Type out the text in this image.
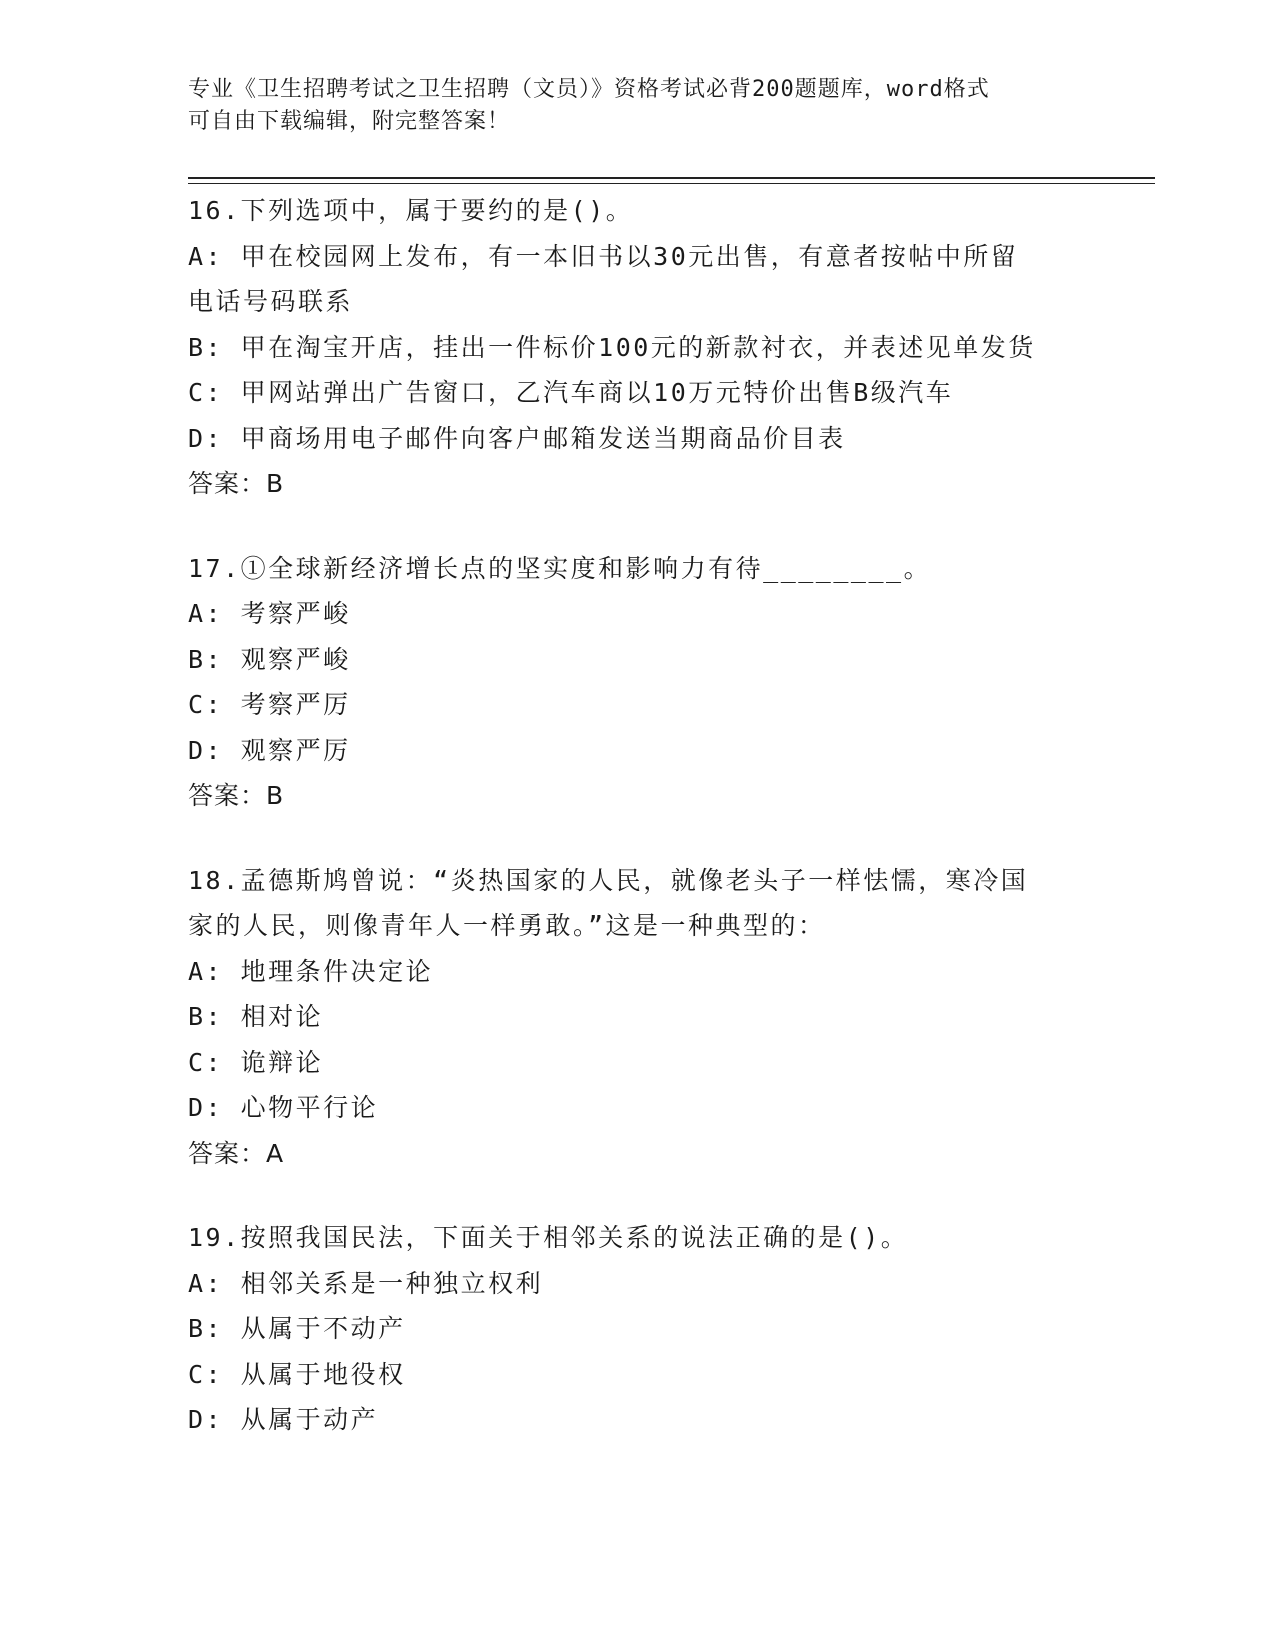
专业《卫生招聘考试之卫生招聘（文员）》资格考试必背200题题库，word格式
可自由下载编辑，附完整答案！
16.下列选项中，属于要约的是()。
A: 甲在校园网上发布，有一本旧书以30元出售，有意者按帖中所留
电话号码联系
B: 甲在淘宝开店，挂出一件标价100元的新款衬衣，并表述见单发货
C: 甲网站弹出广告窗口，乙汽车商以10万元特价出售B级汽车
D: 甲商场用电子邮件向客户邮箱发送当期商品价目表
答案：B
17.①全球新经济增长点的坚实度和影响力有待________。
A: 考察严峻
B: 观察严峻
C: 考察严厉
D: 观察严厉
答案：B
18.孟德斯鸠曾说：“炎热国家的人民，就像老头子一样怯懦，寒冷国
家的人民，则像青年人一样勇敢。”这是一种典型的：
A: 地理条件决定论
B: 相对论
C: 诡辩论
D: 心物平行论
答案：A
19.按照我国民法，下面关于相邻关系的说法正确的是()。
A: 相邻关系是一种独立权利
B: 从属于不动产
C: 从属于地役权
D: 从属于动产
